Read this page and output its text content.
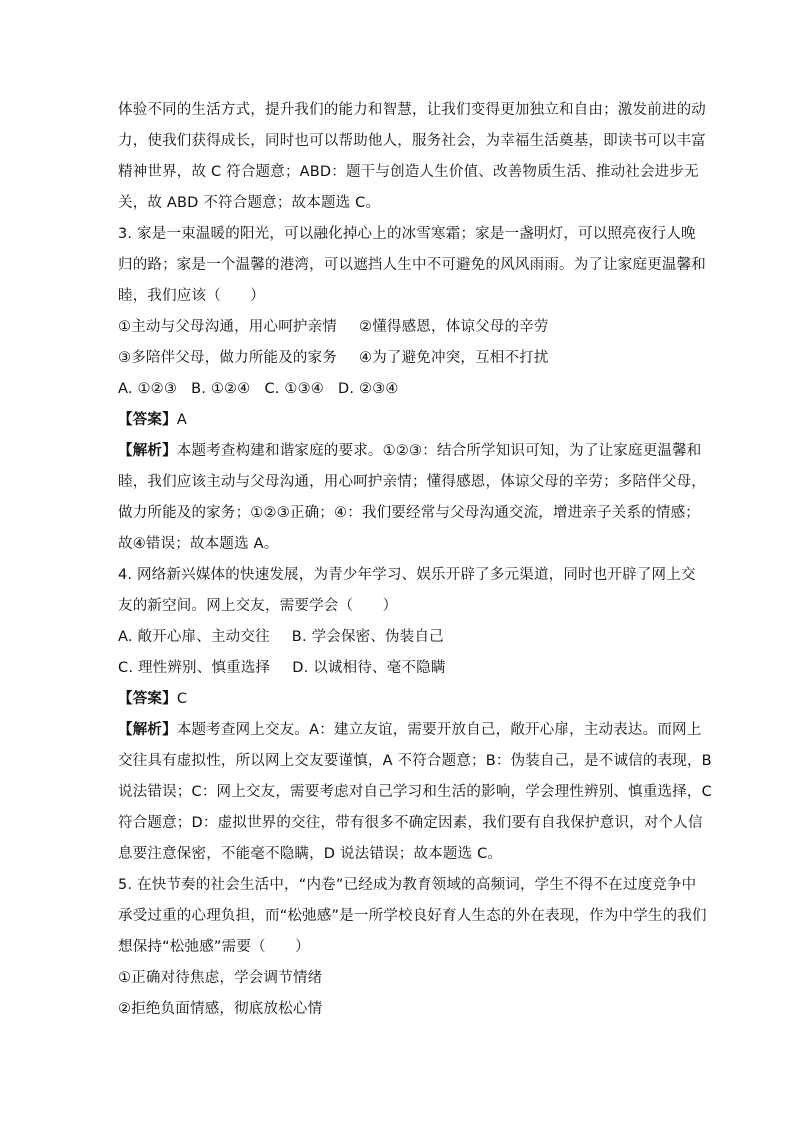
体验不同的生活方式，提升我们的能力和智慧，让我们变得更加独立和自由；激发前进的动
力，使我们获得成长，同时也可以帮助他人，服务社会，为幸福生活奠基，即读书可以丰富
精神世界，故 C 符合题意；ABD：题干与创造人生价值、改善物质生活、推动社会进步无
关，故 ABD 不符合题意；故本题选 C。
3. 家是一束温暖的阳光，可以融化掉心上的冰雪寒霜；家是一盏明灯，可以照亮夜行人晚
归的路；家是一个温馨的港湾，可以遮挡人生中不可避免的风风雨雨。为了让家庭更温馨和
睦，我们应该（　　）
①主动与父母沟通，用心呵护亲情 ②懂得感恩，体谅父母的辛劳
③多陪伴父母，做力所能及的家务 ④为了避免冲突，互相不打扰
A. ①②③ B. ①②④ C. ①③④ D. ②③④
【答案】A
【解析】本题考查构建和谐家庭的要求。①②③：结合所学知识可知，为了让家庭更温馨和
睦，我们应该主动与父母沟通，用心呵护亲情；懂得感恩，体谅父母的辛劳；多陪伴父母，
做力所能及的家务；①②③正确；④：我们要经常与父母沟通交流，增进亲子关系的情感；
故④错误；故本题选 A。
4. 网络新兴媒体的快速发展，为青少年学习、娱乐开辟了多元渠道，同时也开辟了网上交
友的新空间。网上交友，需要学会（　　）
A. 敞开心扉、主动交往 B. 学会保密、伪装自己
C. 理性辨别、慎重选择 D. 以诚相待、毫不隐瞒
【答案】C
【解析】本题考查网上交友。A：建立友谊，需要开放自己，敞开心扉，主动表达。而网上
交往具有虚拟性，所以网上交友要谨慎，A 不符合题意；B：伪装自己，是不诚信的表现，B
说法错误；C：网上交友，需要考虑对自己学习和生活的影响，学会理性辨别、慎重选择，C
符合题意；D：虚拟世界的交往，带有很多不确定因素，我们要有自我保护意识，对个人信
息要注意保密，不能毫不隐瞒，D 说法错误；故本题选 C。
5. 在快节奏的社会生活中，“内卷”已经成为教育领域的高频词，学生不得不在过度竞争中
承受过重的心理负担，而“松弛感”是一所学校良好育人生态的外在表现，作为中学生的我们
想保持“松弛感”需要（　　）
①正确对待焦虑，学会调节情绪
②拒绝负面情感，彻底放松心情
